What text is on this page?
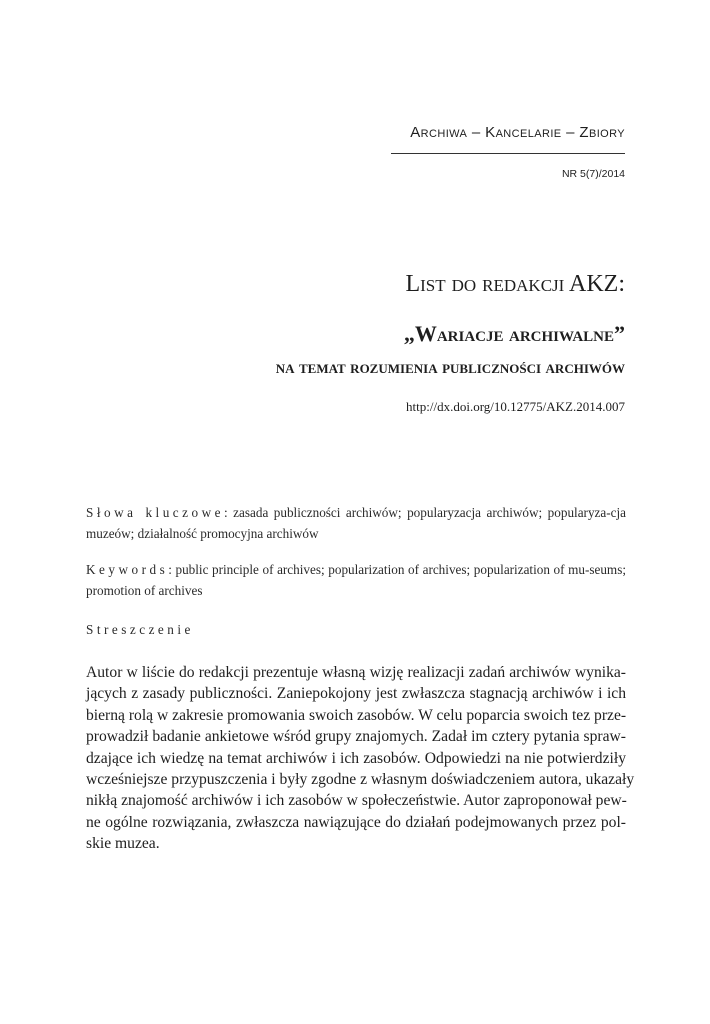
Archiwa – Kancelarie – Zbiory
NR 5(7)/2014
List do redakcji AKZ:
„Wariacje archiwalne”
na temat rozumienia publiczności archiwów
http://dx.doi.org/10.12775/AKZ.2014.007
Słowa kluczowe: zasada publiczności archiwów; popularyzacja archiwów; popularyza-cja muzeów; działalność promocyjna archiwów
Keywords: public principle of archives; popularization of archives; popularization of mu-seums; promotion of archives
Streszczenie
Autor w liście do redakcji prezentuje własną wizję realizacji zadań archiwów wynika-
jących z zasady publiczności. Zaniepokojony jest zwłaszcza stagnacją archiwów i ich
bierną rolą w zakresie promowania swoich zasobów. W celu poparcia swoich tez prze-
prowadził badanie ankietowe wśród grupy znajomych. Zadał im cztery pytania spraw-
dzające ich wiedzę na temat archiwów i ich zasobów. Odpowiedzi na nie potwierdziły
wcześniejsze przypuszczenia i były zgodne z własnym doświadczeniem autora, ukazały
nikłą znajomość archiwów i ich zasobów w społeczeństwie. Autor zaproponował pew-
ne ogólne rozwiązania, zwłaszcza nawiązujące do działań podejmowanych przez pol-
skie muzea.
